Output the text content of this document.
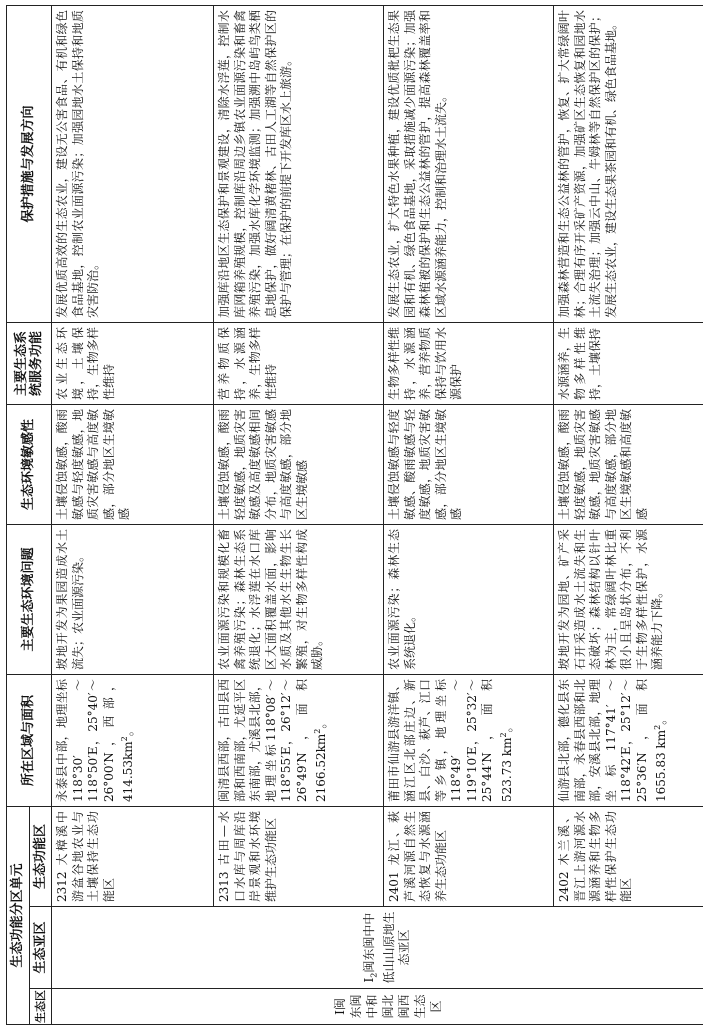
生态功能分区单元			所在区域与面积	主要生态环境问题	生态环境敏感性	主要生态系统服务功能	保护措施与发展方向
生态区	生态亚区	生态功能区					
Ⅰ闽东闽中和闽北闽西生态区	$Ⅰ_2$闽东闽中中低山山原地生态亚区	2312 大樟溪中游盆谷地农业与土壤保持生态功能区	永泰县中部，地理坐标 118°30′～118°50′E，25°40′～26°00′N，西部，$414.53km^2$。	坡地开发为果园造成水土流失；农业面源污染。	土壤侵蚀敏感，酸雨敏感与轻度敏感，地质灾害敏感与高度敏感，部分地区生境敏感	农业生态环境，土壤保持，生物多样性维持	发展优质高效的生态农业，建设无公害食品、有机和绿色食品基地，控制农业面源污染；加强园地水土保持和地质灾害防治。
		2313 古田—水口水库与周库沿岸景观和水环境维护生态功能区	闽清县西部，古田县西部和西南部，尤延平区东南部，尤溪县北部，地理坐标118°08′～118°55′E，26°12′～26°49′N，面积$2166.52km^2$。	农业面源污染和规模化畜禽养殖污染；森林生态系统退化；水浮莲在水口库区大面积覆盖水面，影响水质及其他水生生物生长繁殖，对生物多样性构成威胁。	土壤侵蚀敏感，酸雨轻度敏感，地质灾害敏感及高度敏感相间分布，地质灾害敏感与高度敏感，部分地区生境敏感	营养物质保持，水源涵养，生物多样性维持	加强库沿地区生态保护和景观建设，清除水浮莲，控制水库网箱养殖规模，控制库沿周边乡镇农业面源污染和畜禽养殖污染，加强水库化学环境监测；加强溯中岛屿鸟类栖息地保护，做好阔清黄楮林、古田人工湖等自然保护区的保护与管理；在保护的前提下开发库区水上旅游。
		2401 龙江、萩芦溪河源自然生态恢复与水源涵养生态功能区	莆田市仙游县游洋镇、涵江区北部庄边、新县、白沙、萩芦、江口等乡镇，地理坐标118°49′～119°10′E，25°32′～25°44′N，面积523.73 $km^2$。	农业面源污染；森林生态系统退化。	土壤侵蚀敏感与轻度敏感、酸雨敏感与轻度敏感，地质灾害敏感，部分地区生境敏感	生物多样性维持，水源涵养，营养物质保持与饮用水源保护	发展生态农业，扩大特色水果种植，建设优质枇杷生态果园和有机、绿色食品基地，采取措施减少面源污染；加强森林植被的保护和生态公益林的管护，提高森林覆盖率和区域水源涵养能力，控制和治理水土流失。
		2402 木兰溪、晋江上游河源水源涵养和生物多样性保护生态功能区	仙游县北部，德化县东南部，永春县西部和北部，安溪县北部，地理坐标117°41′～118°42′E，25°12′～25°36′N，面积 1655.83 $km^2$。	坡地开发为园地、矿产采石开采造成水土流失和生态破坏；森林结构以针叶林为主，常绿阔叶林比重很小且呈岛状分布，不利于生物多样性保护，水源涵养能力下降。	土壤侵蚀敏感，酸雨轻度敏感，地质灾害敏感，地质灾害敏感与高度敏感，部分地区生境敏感和高度敏感	水源涵养，生物多样性维持，土壤保持	加强森林营造和生态公益林的管护，恢复、扩大常绿阔叶林；合理有序开采矿产资源，加强矿区生态恢复和园地水土流失治理；加强云中山、牛姆林等自然保护区的保护；发展生态农业，建设生态果茶园和有机、绿色食品基地。
